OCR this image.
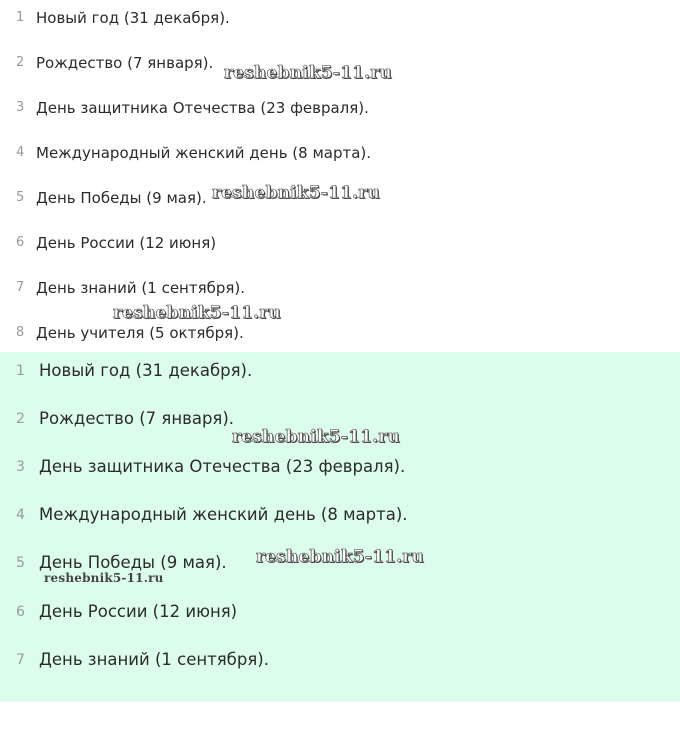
1 Новый год (31 декабря).
2 Рождество (7 января).
3 День защитника Отечества (23 февраля).
4 Международный женский день (8 марта).
5 День Победы (9 мая).
6 День России (12 июня)
7 День знаний (1 сентября).
8 День учителя (5 октября).
1 Новый год (31 декабря).
2 Рождество (7 января).
3 День защитника Отечества (23 февраля).
4 Международный женский день (8 марта).
5 День Победы (9 мая).
6 День России (12 июня)
7 День знаний (1 сентября).
reshebnik5-11.ru
reshebnik5-11.ru
reshebnik5-11.ru
reshebnik5-11.ru
reshebnik5-11.ru
reshebnik5-11.ru
